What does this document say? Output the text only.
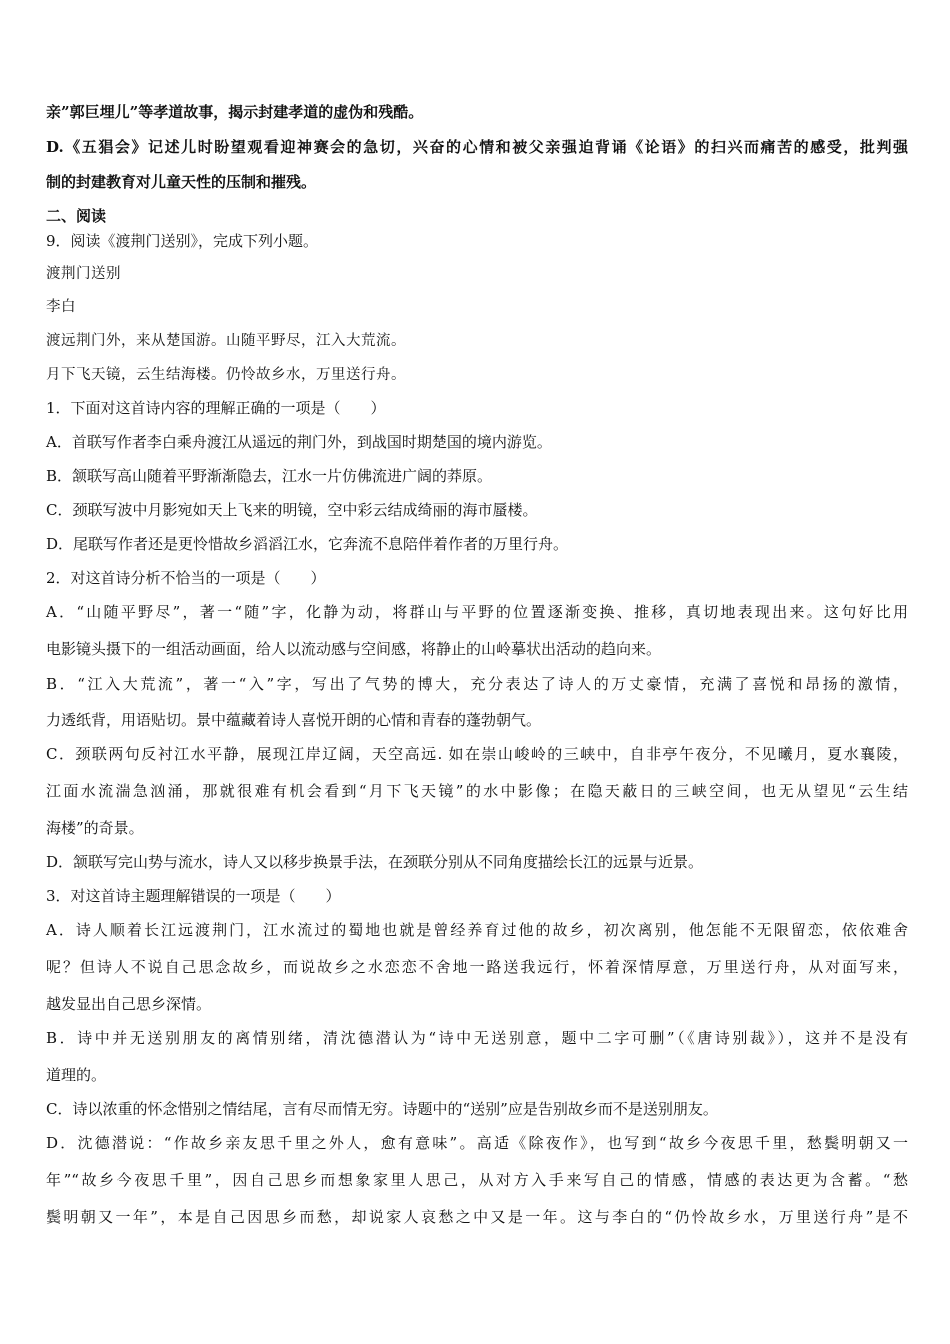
亲”郭巨埋儿”等孝道故事，揭示封建孝道的虚伪和残酷。
D.《五猖会》记述儿时盼望观看迎神赛会的急切，兴奋的心情和被父亲强迫背诵《论语》的扫兴而痛苦的感受，批判强
制的封建教育对儿童天性的压制和摧残。
二、阅读
9．阅读《渡荆门送别》，完成下列小题。
渡荆门送别
李白
渡远荆门外，来从楚国游。山随平野尽，江入大荒流。
月下飞天镜，云生结海楼。仍怜故乡水，万里送行舟。
1．下面对这首诗内容的理解正确的一项是（　　）
A．首联写作者李白乘舟渡江从遥远的荆门外，到战国时期楚国的境内游览。
B．颔联写高山随着平野渐渐隐去，江水一片仿佛流进广阔的莽原。
C．颈联写波中月影宛如天上飞来的明镜，空中彩云结成绮丽的海市蜃楼。
D．尾联写作者还是更怜惜故乡滔滔江水，它奔流不息陪伴着作者的万里行舟。
2．对这首诗分析不恰当的一项是（　　）
A．“山随平野尽”，著一“随”字，化静为动，将群山与平野的位置逐渐变换、推移，真切地表现出来。这句好比用
电影镜头摄下的一组活动画面，给人以流动感与空间感，将静止的山岭摹状出活动的趋向来。
B．“江入大荒流”，著一“入”字，写出了气势的博大，充分表达了诗人的万丈豪情，充满了喜悦和昂扬的激情，
力透纸背，用语贴切。景中蕴藏着诗人喜悦开朗的心情和青春的蓬勃朝气。
C．颈联两句反衬江水平静，展现江岸辽阔，天空高远. 如在崇山峻岭的三峡中，自非亭午夜分，不见曦月，夏水襄陵，
江面水流湍急汹涌，那就很难有机会看到“月下飞天镜”的水中影像；在隐天蔽日的三峡空间，也无从望见“云生结
海楼”的奇景。
D．颔联写完山势与流水，诗人又以移步换景手法，在颈联分别从不同角度描绘长江的远景与近景。
3．对这首诗主题理解错误的一项是（　　）
A．诗人顺着长江远渡荆门，江水流过的蜀地也就是曾经养育过他的故乡，初次离别，他怎能不无限留恋，依依难舍
呢？但诗人不说自己思念故乡，而说故乡之水恋恋不舍地一路送我远行，怀着深情厚意，万里送行舟，从对面写来，
越发显出自己思乡深情。
B．诗中并无送别朋友的离情别绪，清沈德潜认为“诗中无送别意，题中二字可删”（《唐诗别裁》），这并不是没有
道理的。
C．诗以浓重的怀念惜别之情结尾，言有尽而情无穷。诗题中的“送别”应是告别故乡而不是送别朋友。
D．沈德潜说：“作故乡亲友思千里之外人，愈有意味”。高适《除夜作》，也写到“故乡今夜思千里，愁鬓明朝又一
年”“故乡今夜思千里”，因自己思乡而想象家里人思己，从对方入手来写自己的情感，情感的表达更为含蓄。“愁
鬓明朝又一年”，本是自己因思乡而愁，却说家人哀愁之中又是一年。这与李白的“仍怜故乡水，万里送行舟”是不
